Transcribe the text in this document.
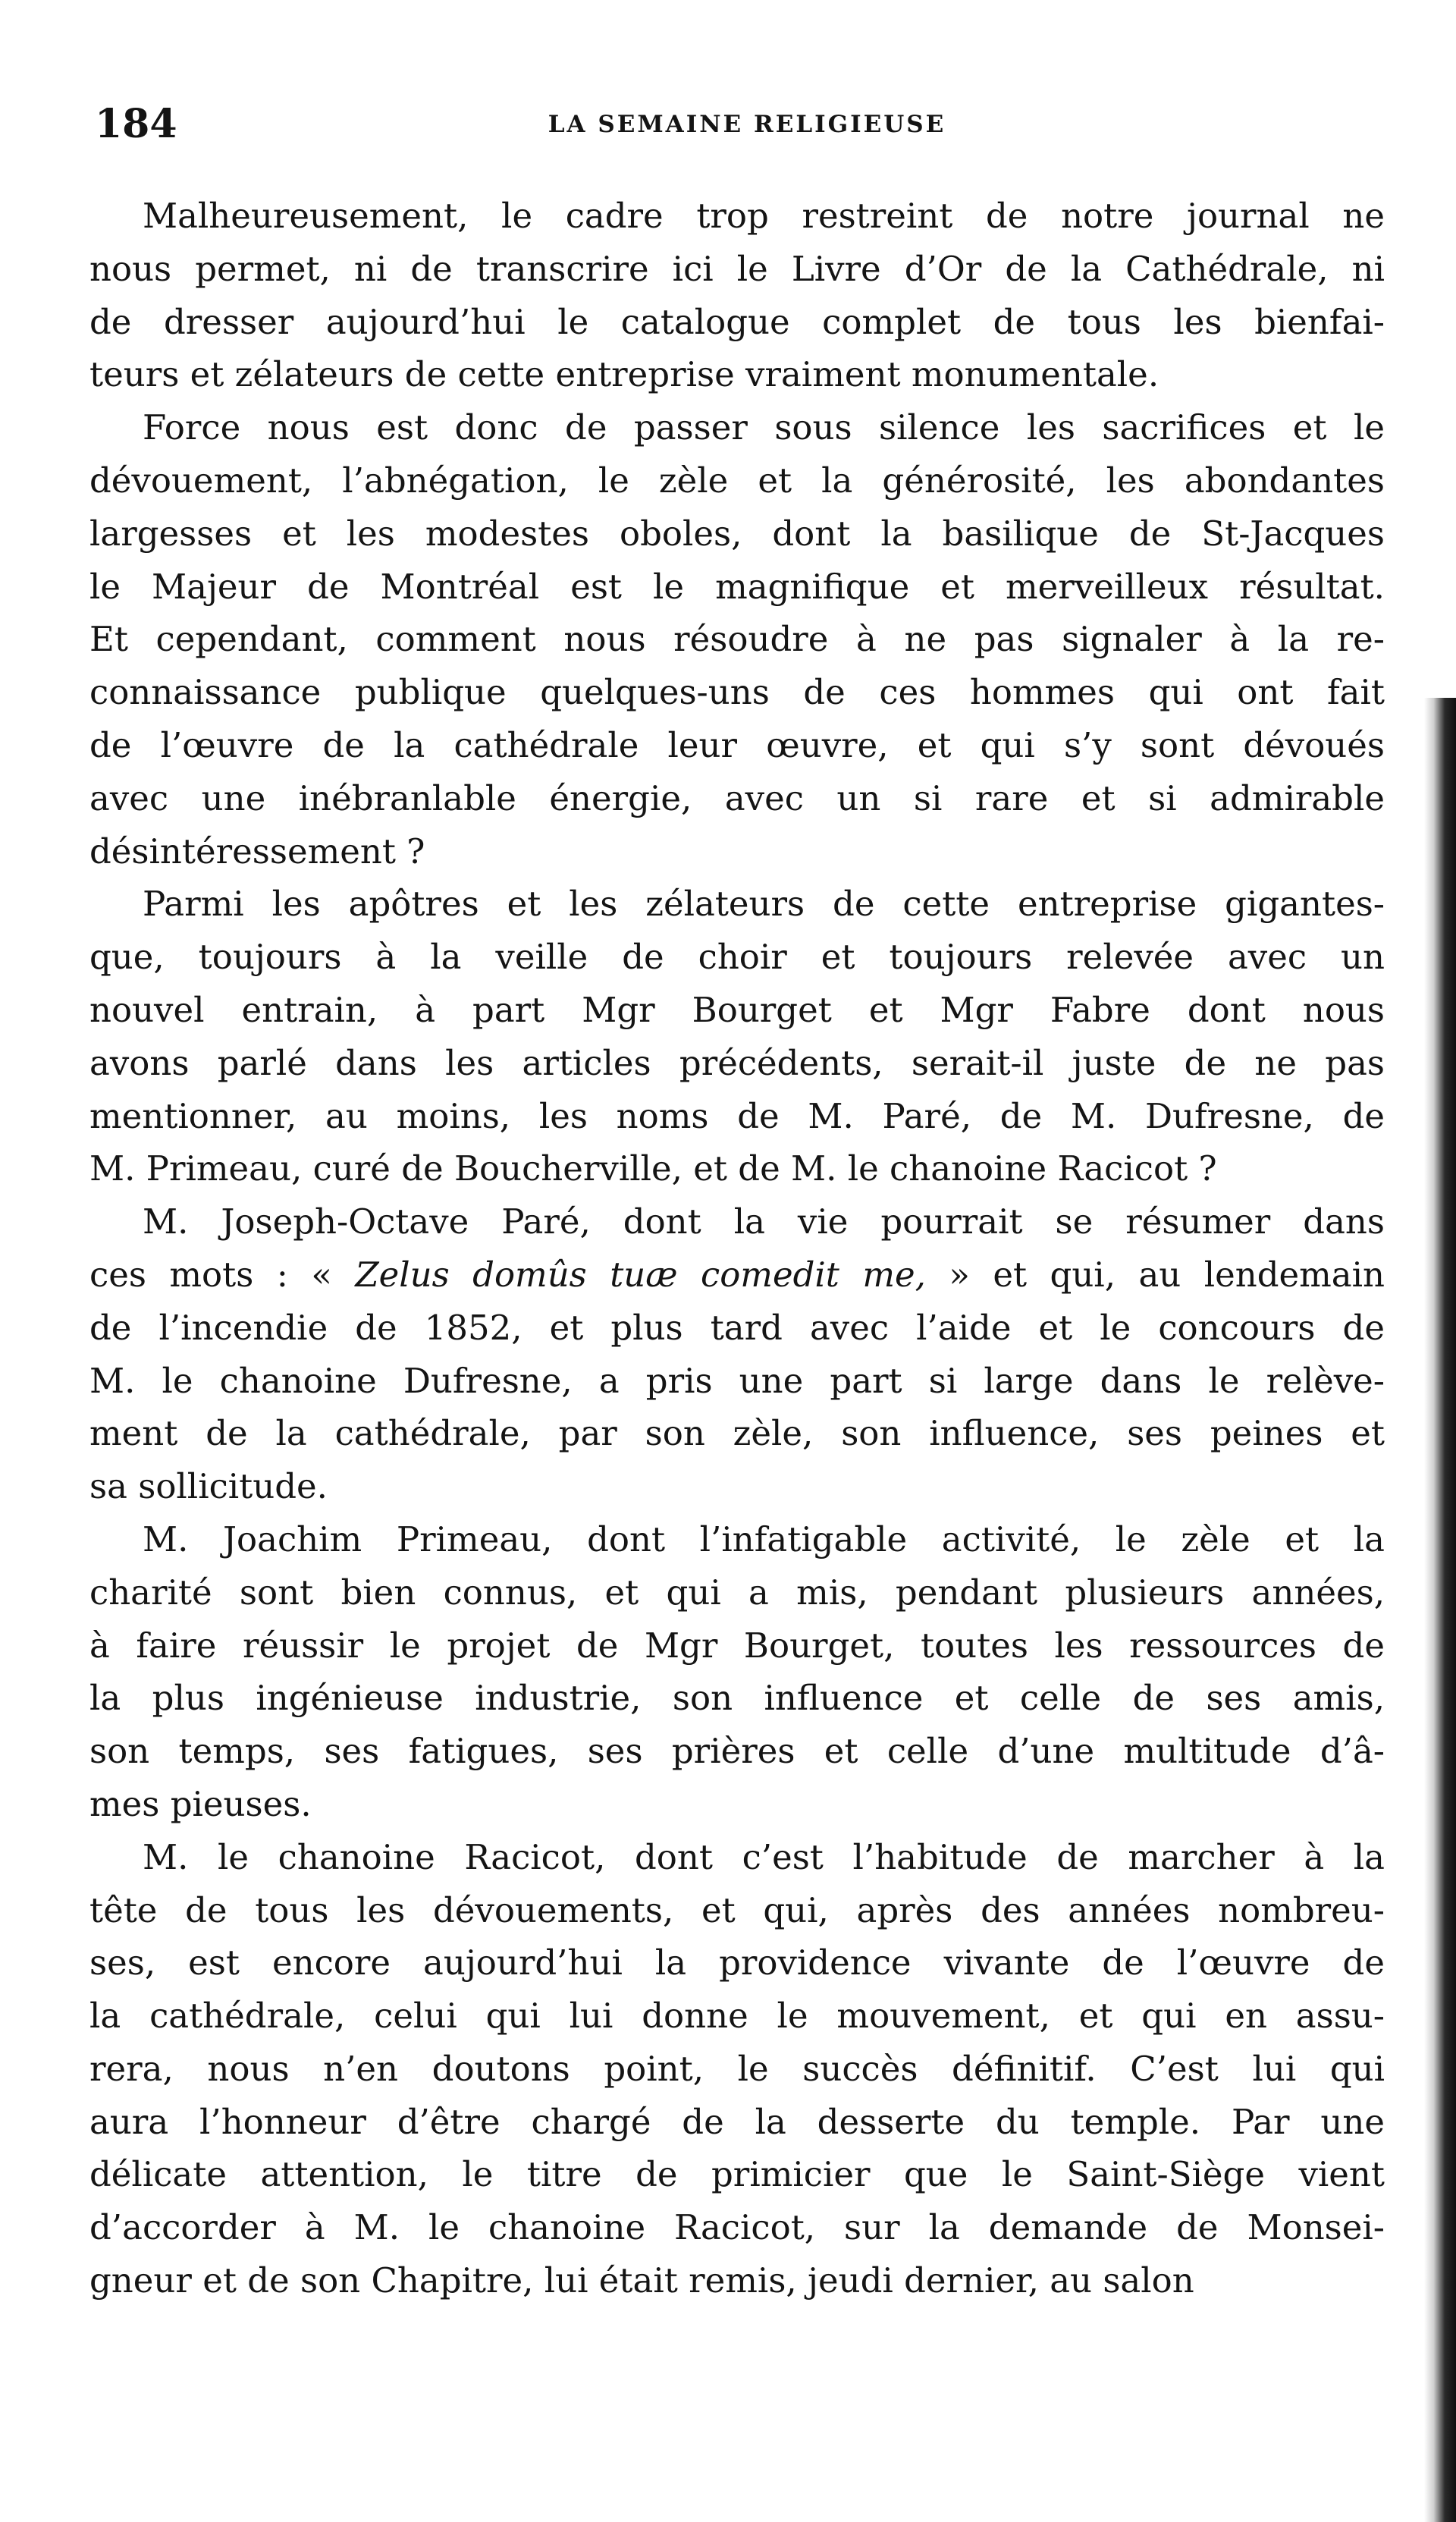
184	LA SEMAINE RELIGIEUSE

Malheureusement, le cadre trop restreint de notre journal ne
nous permet, ni de transcrire ici le Livre d’Or de la Cathédrale, ni
de dresser aujourd’hui le catalogue complet de tous les bienfai-
teurs et zélateurs de cette entreprise vraiment monumentale.

Force nous est donc de passer sous silence les sacrifices et le
dévouement, l’abnégation, le zèle et la générosité, les abondantes
largesses et les modestes oboles, dont la basilique de St-Jacques
le Majeur de Montréal est le magnifique et merveilleux résultat.
Et cependant, comment nous résoudre à ne pas signaler à la re-
connaissance publique quelques-uns de ces hommes qui ont fait
de l’œuvre de la cathédrale leur œuvre, et qui s’y sont dévoués
avec une inébranlable énergie, avec un si rare et si admirable
désintéressement ?

Parmi les apôtres et les zélateurs de cette entreprise gigantes-
que, toujours à la veille de choir et toujours relevée avec un
nouvel entrain, à part Mgr Bourget et Mgr Fabre dont nous
avons parlé dans les articles précédents, serait-il juste de ne pas
mentionner, au moins, les noms de M. Paré, de M. Dufresne, de
M. Primeau, curé de Boucherville, et de M. le chanoine Racicot ?

M. Joseph-Octave Paré, dont la vie pourrait se résumer dans
ces mots : « Zelus domûs tuæ comedit me, » et qui, au lendemain
de l’incendie de 1852, et plus tard avec l’aide et le concours de
M. le chanoine Dufresne, a pris une part si large dans le relève-
ment de la cathédrale, par son zèle, son influence, ses peines et
sa sollicitude.

M. Joachim Primeau, dont l’infatigable activité, le zèle et la
charité sont bien connus, et qui a mis, pendant plusieurs années,
à faire réussir le projet de Mgr Bourget, toutes les ressources de
la plus ingénieuse industrie, son influence et celle de ses amis,
son temps, ses fatigues, ses prières et celle d’une multitude d’â-
mes pieuses.

M. le chanoine Racicot, dont c’est l’habitude de marcher à la
tête de tous les dévouements, et qui, après des années nombreu-
ses, est encore aujourd’hui la providence vivante de l’œuvre de
la cathédrale, celui qui lui donne le mouvement, et qui en assu-
rera, nous n’en doutons point, le succès définitif. C’est lui qui
aura l’honneur d’être chargé de la desserte du temple. Par une
délicate attention, le titre de primicier que le Saint-Siège vient
d’accorder à M. le chanoine Racicot, sur la demande de Monsei-
gneur et de son Chapitre, lui était remis, jeudi dernier, au salon
